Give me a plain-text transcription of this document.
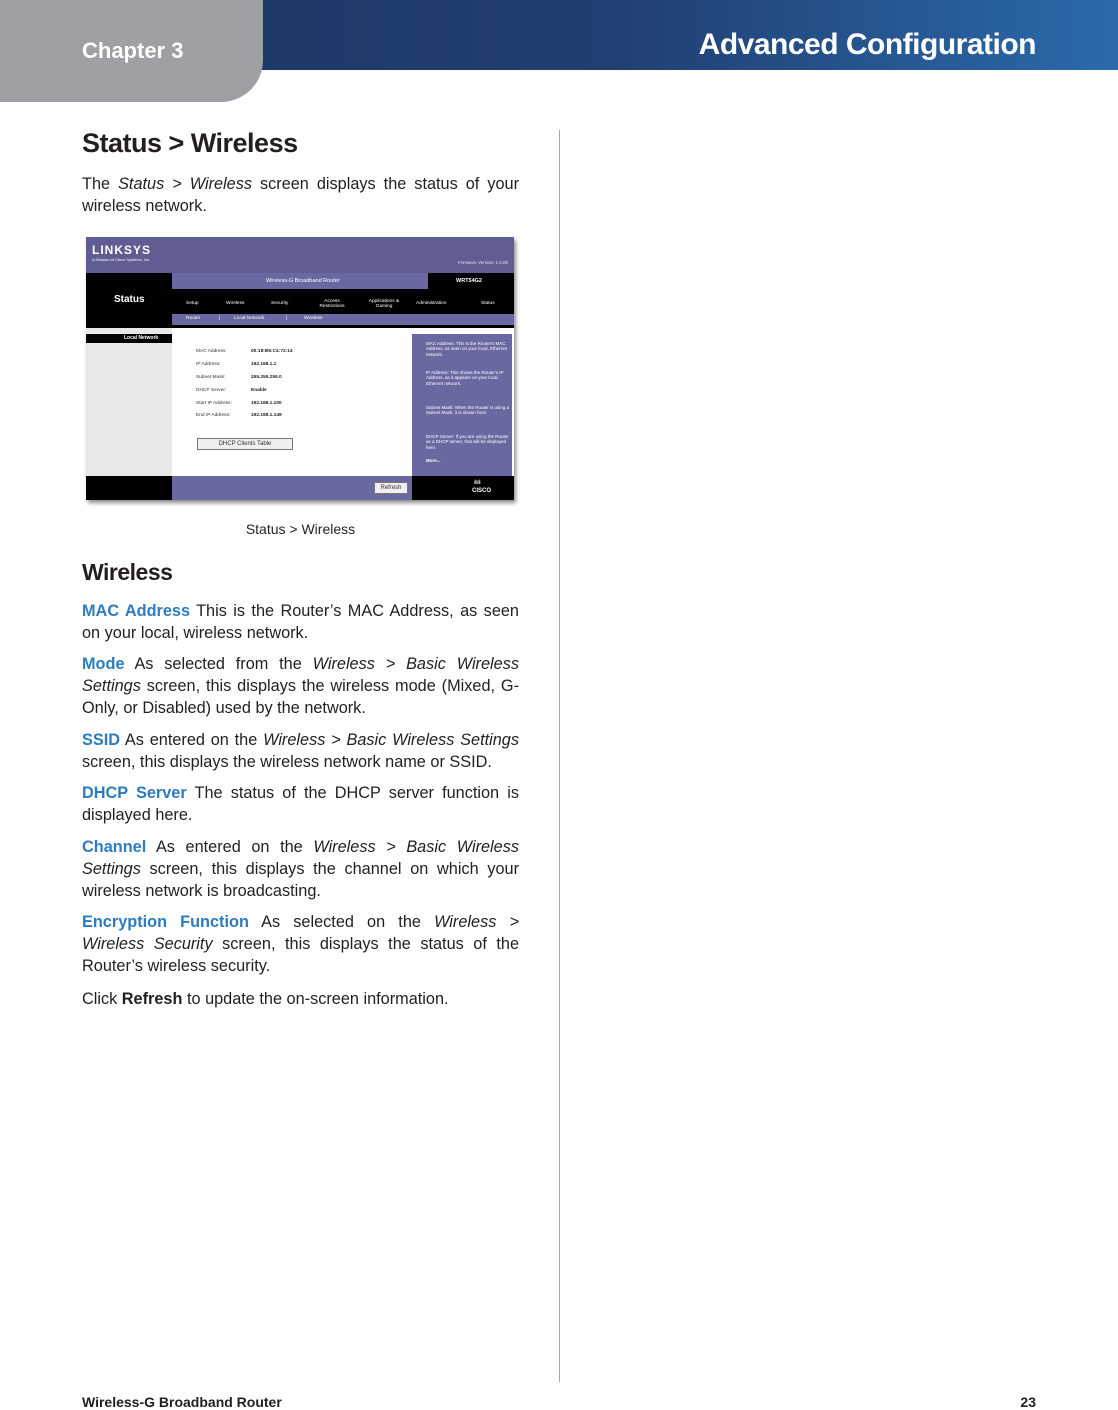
Chapter 3	Advanced Configuration
Status > Wireless
The Status > Wireless screen displays the status of your wireless network.
LINKSYS
A Division of Cisco Systems, Inc.
Firmware Version: 1.0.00
Wireless-G Broadband Router	WRT54G2
Status	Setup	Wireless	Security	Access Restrictions
Applications & Gaming
Administration	Status
Router	|	Local Network	|	Wireless
Local Network
MAC Address:	00:18:B6:C4:72:14
IP Address:	192.168.1.1
Subnet Mask:	255.255.255.0
DHCP Server:	Enable
Start IP Address:	192.168.1.100
End IP Address:	192.168.1.149
DHCP Clients Table
MAC Address: This is the Router's MAC Address, as seen on your local, Ethernet network.
IP Address: This shows the Router's IP Address, as it appears on your local, Ethernet network.
Subnet Mask: When the Router is using a Subnet Mask, it is shown here.
DHCP Server: If you are using the Router as a DHCP server, that will be displayed here.
More...
Refresh
ılıılı
CISCO
Status > Wireless
Wireless
MAC Address This is the Router’s MAC Address, as seen on your local, wireless network.
Mode As selected from the Wireless > Basic Wireless Settings screen, this displays the wireless mode (Mixed, G-Only, or Disabled) used by the network.
SSID As entered on the Wireless > Basic Wireless Settings screen, this displays the wireless network name or SSID.
DHCP Server The status of the DHCP server function is displayed here.
Channel As entered on the Wireless > Basic Wireless Settings screen, this displays the channel on which your wireless network is broadcasting.
Encryption Function As selected on the Wireless > Wireless Security screen, this displays the status of the Router’s wireless security.
Click Refresh to update the on-screen information.
Wireless-G Broadband Router	23
